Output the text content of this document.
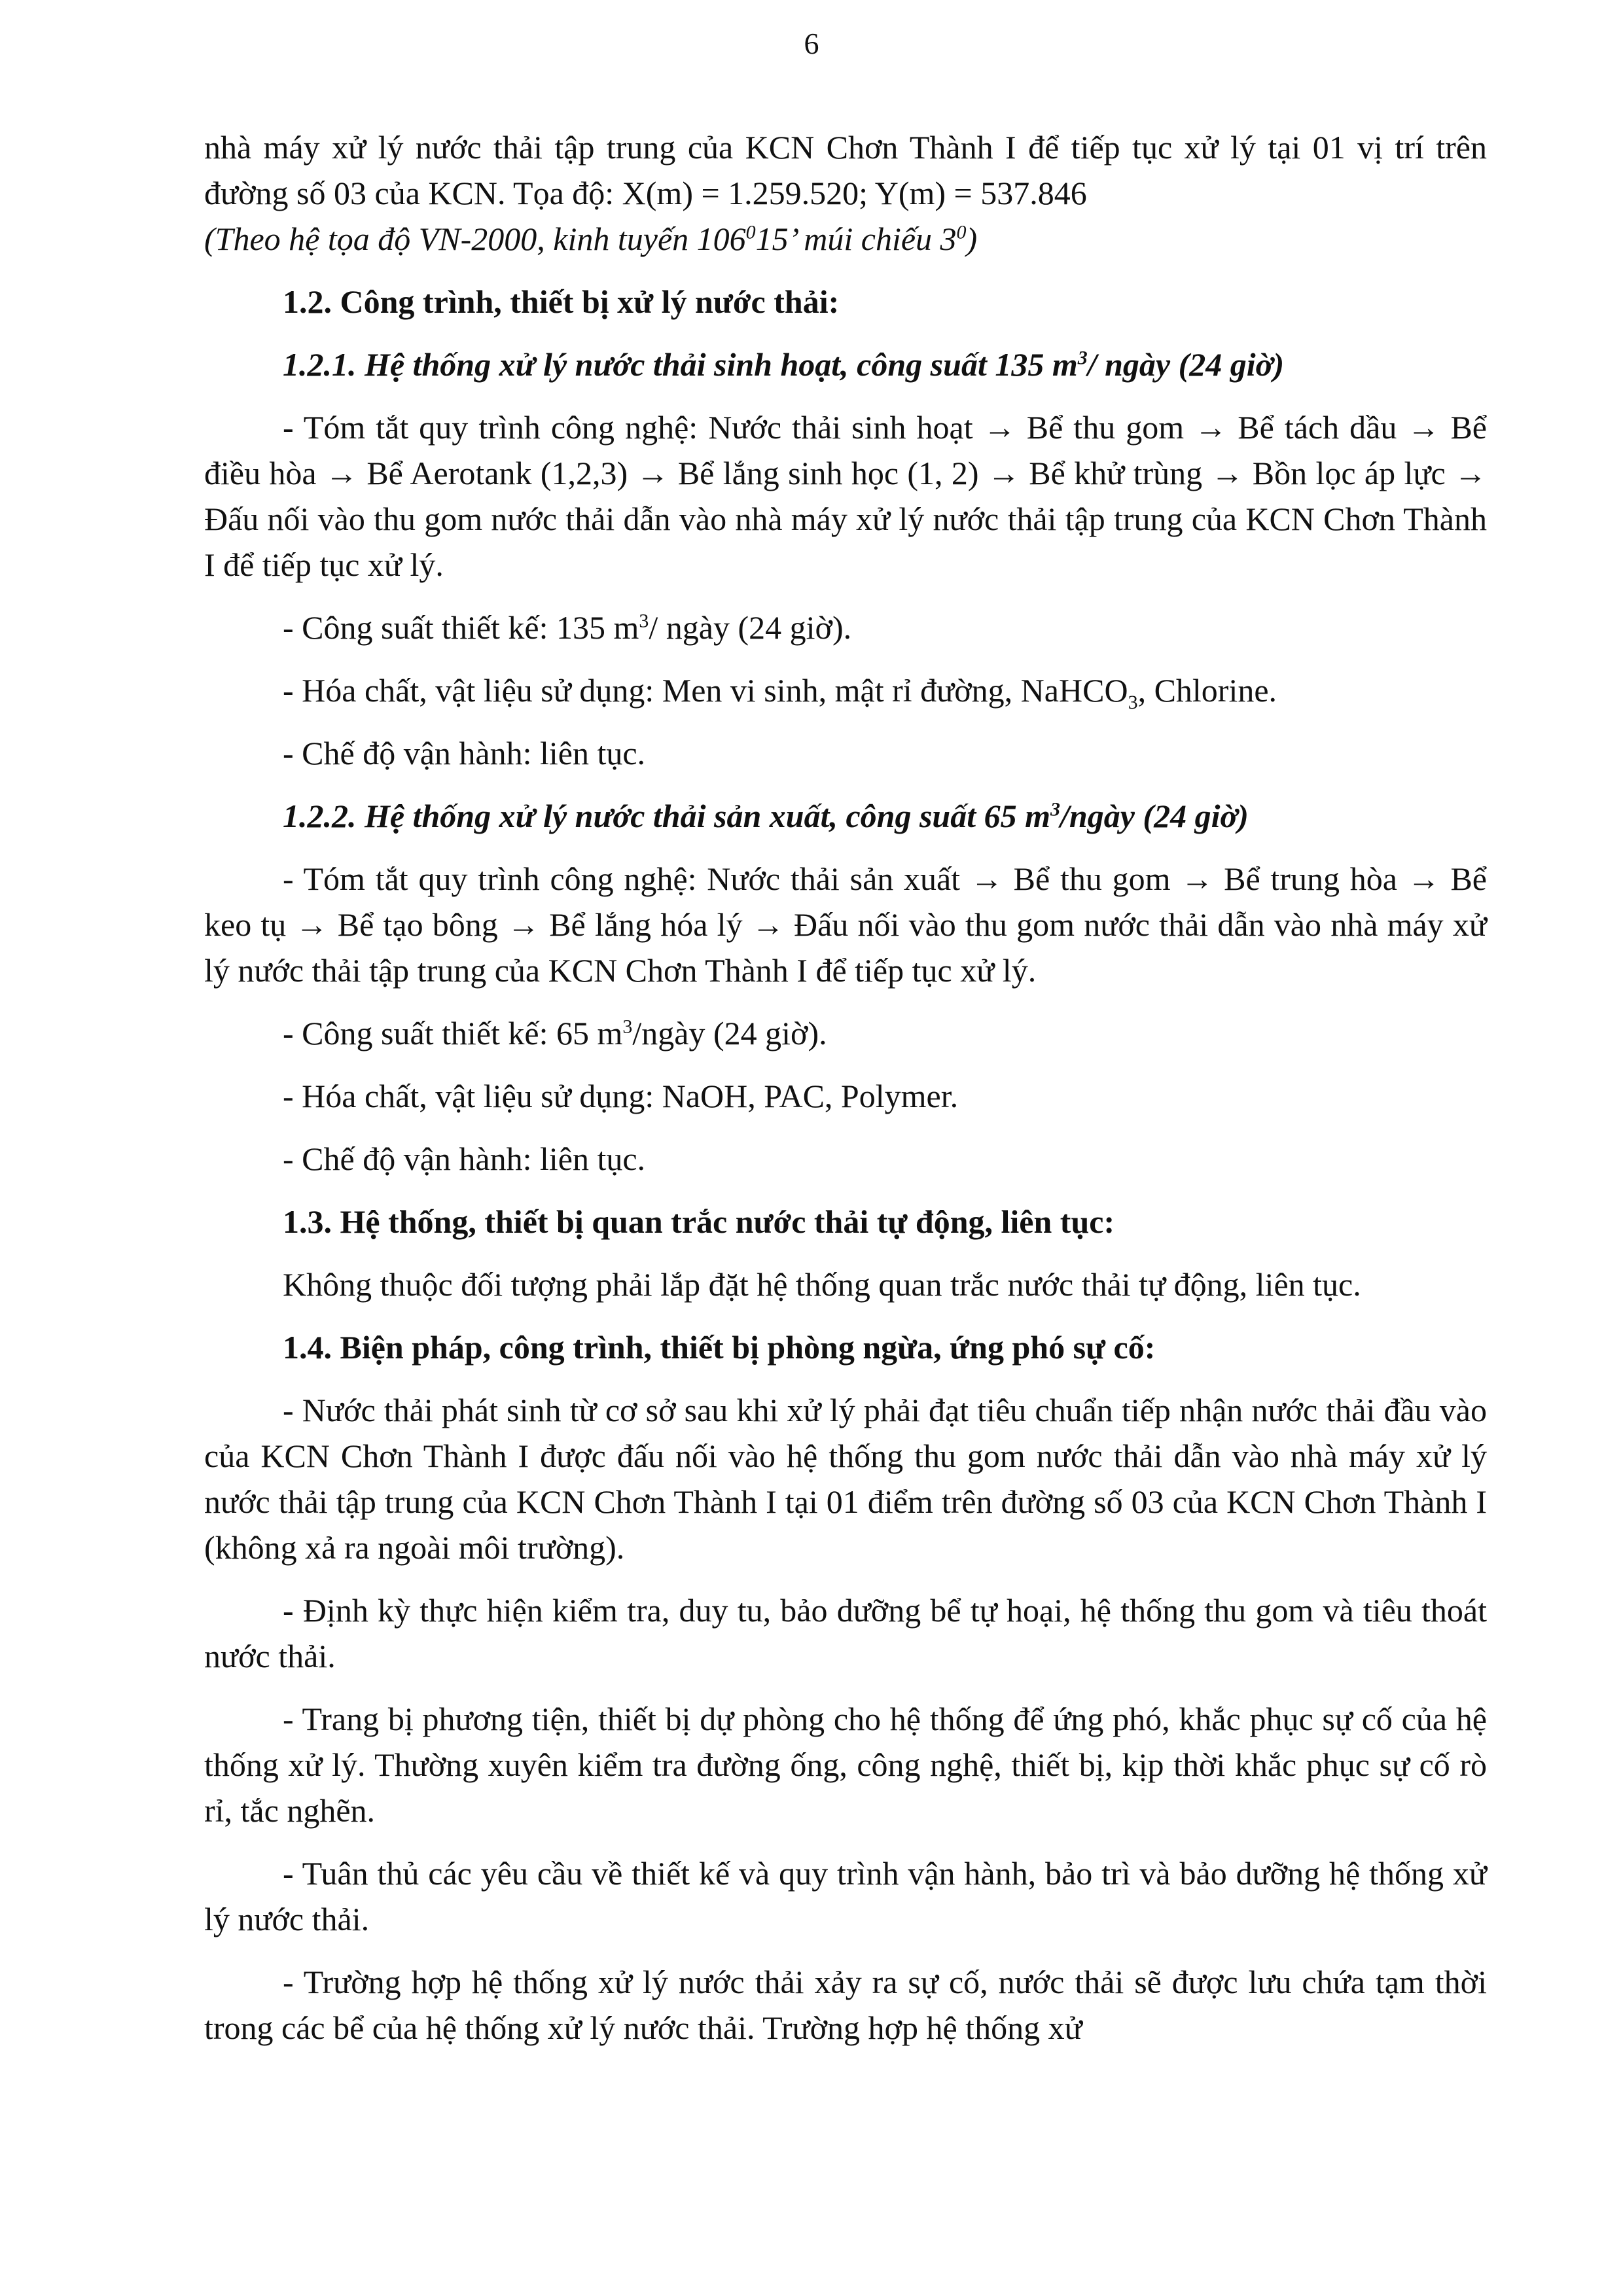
6

nhà máy xử lý nước thải tập trung của KCN Chơn Thành I để tiếp tục xử lý tại 01 vị trí trên đường số 03 của KCN. Tọa độ: X(m) = 1.259.520; Y(m) = 537.846

(Theo hệ tọa độ VN-2000, kinh tuyến $106^015$’ múi chiếu $3^0$)

1.2. Công trình, thiết bị xử lý nước thải:

1.2.1. Hệ thống xử lý nước thải sinh hoạt, công suất 135 $m^3/$ ngày (24 giờ)

- Tóm tắt quy trình công nghệ: Nước thải sinh hoạt → Bể thu gom → Bể tách dầu → Bể điều hòa → Bể Aerotank (1,2,3) → Bể lắng sinh học (1, 2) → Bể khử trùng → Bồn lọc áp lực → Đấu nối vào thu gom nước thải dẫn vào nhà máy xử lý nước thải tập trung của KCN Chơn Thành I để tiếp tục xử lý.

- Công suất thiết kế: 135 $m^3/$ ngày (24 giờ).

- Hóa chất, vật liệu sử dụng: Men vi sinh, mật rỉ đường, NaHCO$_3$, Chlorine.

- Chế độ vận hành: liên tục.

1.2.2. Hệ thống xử lý nước thải sản xuất, công suất 65 $m^3$/ngày (24 giờ)

- Tóm tắt quy trình công nghệ: Nước thải sản xuất → Bể thu gom → Bể trung hòa → Bể keo tụ → Bể tạo bông → Bể lắng hóa lý → Đấu nối vào thu gom nước thải dẫn vào nhà máy xử lý nước thải tập trung của KCN Chơn Thành I để tiếp tục xử lý.

- Công suất thiết kế: 65 $m^3$/ngày (24 giờ).

- Hóa chất, vật liệu sử dụng: NaOH, PAC, Polymer.

- Chế độ vận hành: liên tục.

1.3. Hệ thống, thiết bị quan trắc nước thải tự động, liên tục:

Không thuộc đối tượng phải lắp đặt hệ thống quan trắc nước thải tự động, liên tục.

1.4. Biện pháp, công trình, thiết bị phòng ngừa, ứng phó sự cố:

- Nước thải phát sinh từ cơ sở sau khi xử lý phải đạt tiêu chuẩn tiếp nhận nước thải đầu vào của KCN Chơn Thành I được đấu nối vào hệ thống thu gom nước thải dẫn vào nhà máy xử lý nước thải tập trung của KCN Chơn Thành I tại 01 điểm trên đường số 03 của KCN Chơn Thành I (không xả ra ngoài môi trường).

- Định kỳ thực hiện kiểm tra, duy tu, bảo dưỡng bể tự hoại, hệ thống thu gom và tiêu thoát nước thải.

- Trang bị phương tiện, thiết bị dự phòng cho hệ thống để ứng phó, khắc phục sự cố của hệ thống xử lý. Thường xuyên kiểm tra đường ống, công nghệ, thiết bị, kịp thời khắc phục sự cố rò rỉ, tắc nghẽn.

- Tuân thủ các yêu cầu về thiết kế và quy trình vận hành, bảo trì và bảo dưỡng hệ thống xử lý nước thải.

- Trường hợp hệ thống xử lý nước thải xảy ra sự cố, nước thải sẽ được lưu chứa tạm thời trong các bể của hệ thống xử lý nước thải. Trường hợp hệ thống xử
